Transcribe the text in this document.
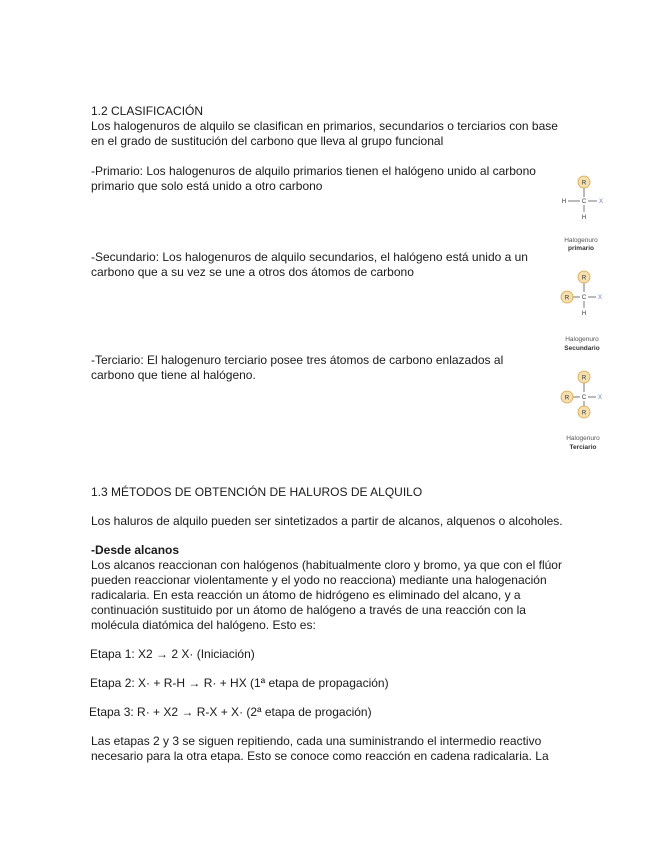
1.2 CLASIFICACIÓN

Los halogenuros de alquilo se clasifican en primarios, secundarios o terciarios con base

en el grado de sustitución del carbono que lleva al grupo funcional

-Primario: Los halogenuros de alquilo primarios tienen el halógeno unido al carbono

primario que solo está unido a otro carbono

-Secundario: Los halogenuros de alquilo secundarios, el halógeno está unido a un

carbono que a su vez se une a otros dos átomos de carbono

-Terciario: El halogenuro terciario posee tres átomos de carbono enlazados al

carbono que tiene al halógeno.

R
H	C X
H
Halogenuro
primario
R
R C X
H
Halogenuro
Secundario
R
R
R
C X
Halogenuro
Terciario

1.3 MÉTODOS DE OBTENCIÓN DE HALUROS DE ALQUILO

Los haluros de alquilo pueden ser sintetizados a partir de alcanos, alquenos o alcoholes.

-Desde alcanos

Los alcanos reaccionan con halógenos (habitualmente cloro y bromo, ya que con el flúor

pueden reaccionar violentamente y el yodo no reacciona) mediante una halogenación

radicalaria. En esta reacción un átomo de hidrógeno es eliminado del alcano, y a

continuación sustituido por un átomo de halógeno a través de una reacción con la

molécula diatómica del halógeno. Esto es:

Etapa 1: X2 → 2 X· (Iniciación)

Etapa 2: X· + R-H → R· + HX (1ª etapa de propagación)

Etapa 3: R· + X2 → R-X + X· (2ª etapa de progación)

Las etapas 2 y 3 se siguen repitiendo, cada una suministrando el intermedio reactivo

necesario para la otra etapa. Esto se conoce como reacción en cadena radicalaria. La
